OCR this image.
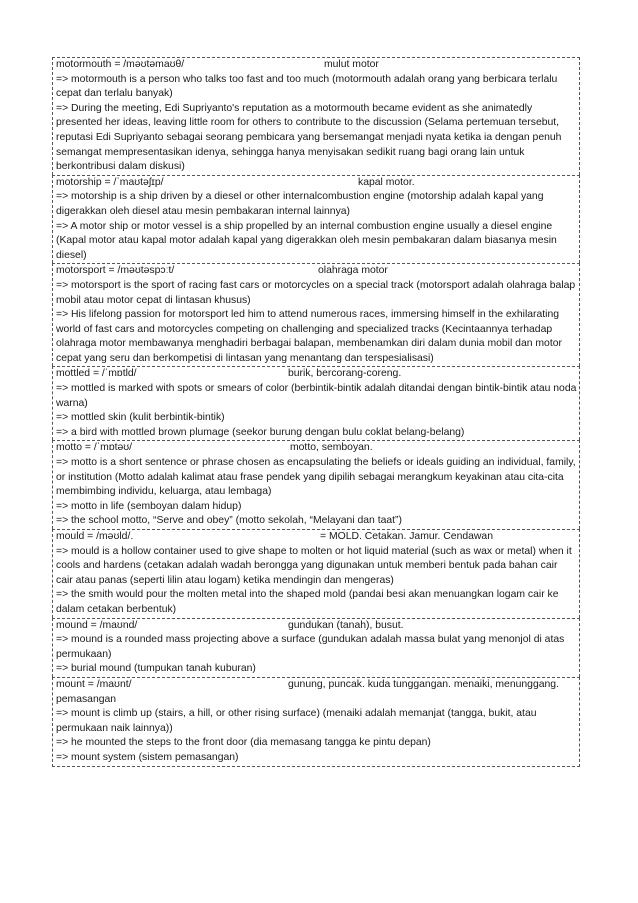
motormouth = /məʊtəmaʊθ/	mulut motor
=> motormouth is a person who talks too fast and too much (motormouth adalah orang yang berbicara terlalu cepat dan terlalu banyak)
=> During the meeting, Edi Supriyanto's reputation as a motormouth became evident as she animatedly presented her ideas, leaving little room for others to contribute to the discussion (Selama pertemuan tersebut, reputasi Edi Supriyanto sebagai seorang pembicara yang bersemangat menjadi nyata ketika ia dengan penuh semangat mempresentasikan idenya, sehingga hanya menyisakan sedikit ruang bagi orang lain untuk berkontribusi dalam diskusi)
motorship = /ˈmaʊtəʃɪp/	kapal motor.
=> motorship is a ship driven by a diesel or other internalcombustion engine (motorship adalah kapal yang digerakkan oleh diesel atau mesin pembakaran internal lainnya)
=> A motor ship or motor vessel is a ship propelled by an internal combustion engine usually a diesel engine (Kapal motor atau kapal motor adalah kapal yang digerakkan oleh mesin pembakaran dalam biasanya mesin diesel)
motorsport = /məʊtəspɔːt/	olahraga motor
=> motorsport is the sport of racing fast cars or motorcycles on a special track (motorsport adalah olahraga balap mobil atau motor cepat di lintasan khusus)
=> His lifelong passion for motorsport led him to attend numerous races, immersing himself in the exhilarating world of fast cars and motorcycles competing on challenging and specialized tracks (Kecintaannya terhadap olahraga motor membawanya menghadiri berbagai balapan, membenamkan diri dalam dunia mobil dan motor cepat yang seru dan berkompetisi di lintasan yang menantang dan terspesialisasi)
mottled = /ˈmɒtld/	burik, bercorang-coreng.
=> mottled is marked with spots or smears of color (berbintik-bintik adalah ditandai dengan bintik-bintik atau noda warna)
=> mottled skin (kulit berbintik-bintik)
=> a bird with mottled brown plumage (seekor burung dengan bulu coklat belang-belang)
motto = /ˈmɒtəʊ/	motto, semboyan.
=> motto is a short sentence or phrase chosen as encapsulating the beliefs or ideals guiding an individual, family, or institution (Motto adalah kalimat atau frase pendek yang dipilih sebagai merangkum keyakinan atau cita-cita membimbing individu, keluarga, atau lembaga)
=> motto in life (semboyan dalam hidup)
=> the school motto, “Serve and obey” (motto sekolah, “Melayani dan taat”)
mould = /məʊld/.	= MOLD. Cetakan. Jamur. Cendawan
=> mould is a hollow container used to give shape to molten or hot liquid material (such as wax or metal) when it cools and hardens (cetakan adalah wadah berongga yang digunakan untuk memberi bentuk pada bahan cair cair atau panas (seperti lilin atau logam) ketika mendingin dan mengeras)
=> the smith would pour the molten metal into the shaped mold (pandai besi akan menuangkan logam cair ke dalam cetakan berbentuk)
mound = /maʊnd/	gundukan (tanah), busut.
=> mound is a rounded mass projecting above a surface (gundukan adalah massa bulat yang menonjol di atas permukaan)
=> burial mound (tumpukan tanah kuburan)
mount = /maʊnt/	gunung, puncak. kuda tunggangan. menaiki, menunggang.
pemasangan
=> mount is climb up (stairs, a hill, or other rising surface) (menaiki adalah memanjat (tangga, bukit, atau permukaan naik lainnya))
=> he mounted the steps to the front door (dia memasang tangga ke pintu depan)
=> mount system (sistem pemasangan)
